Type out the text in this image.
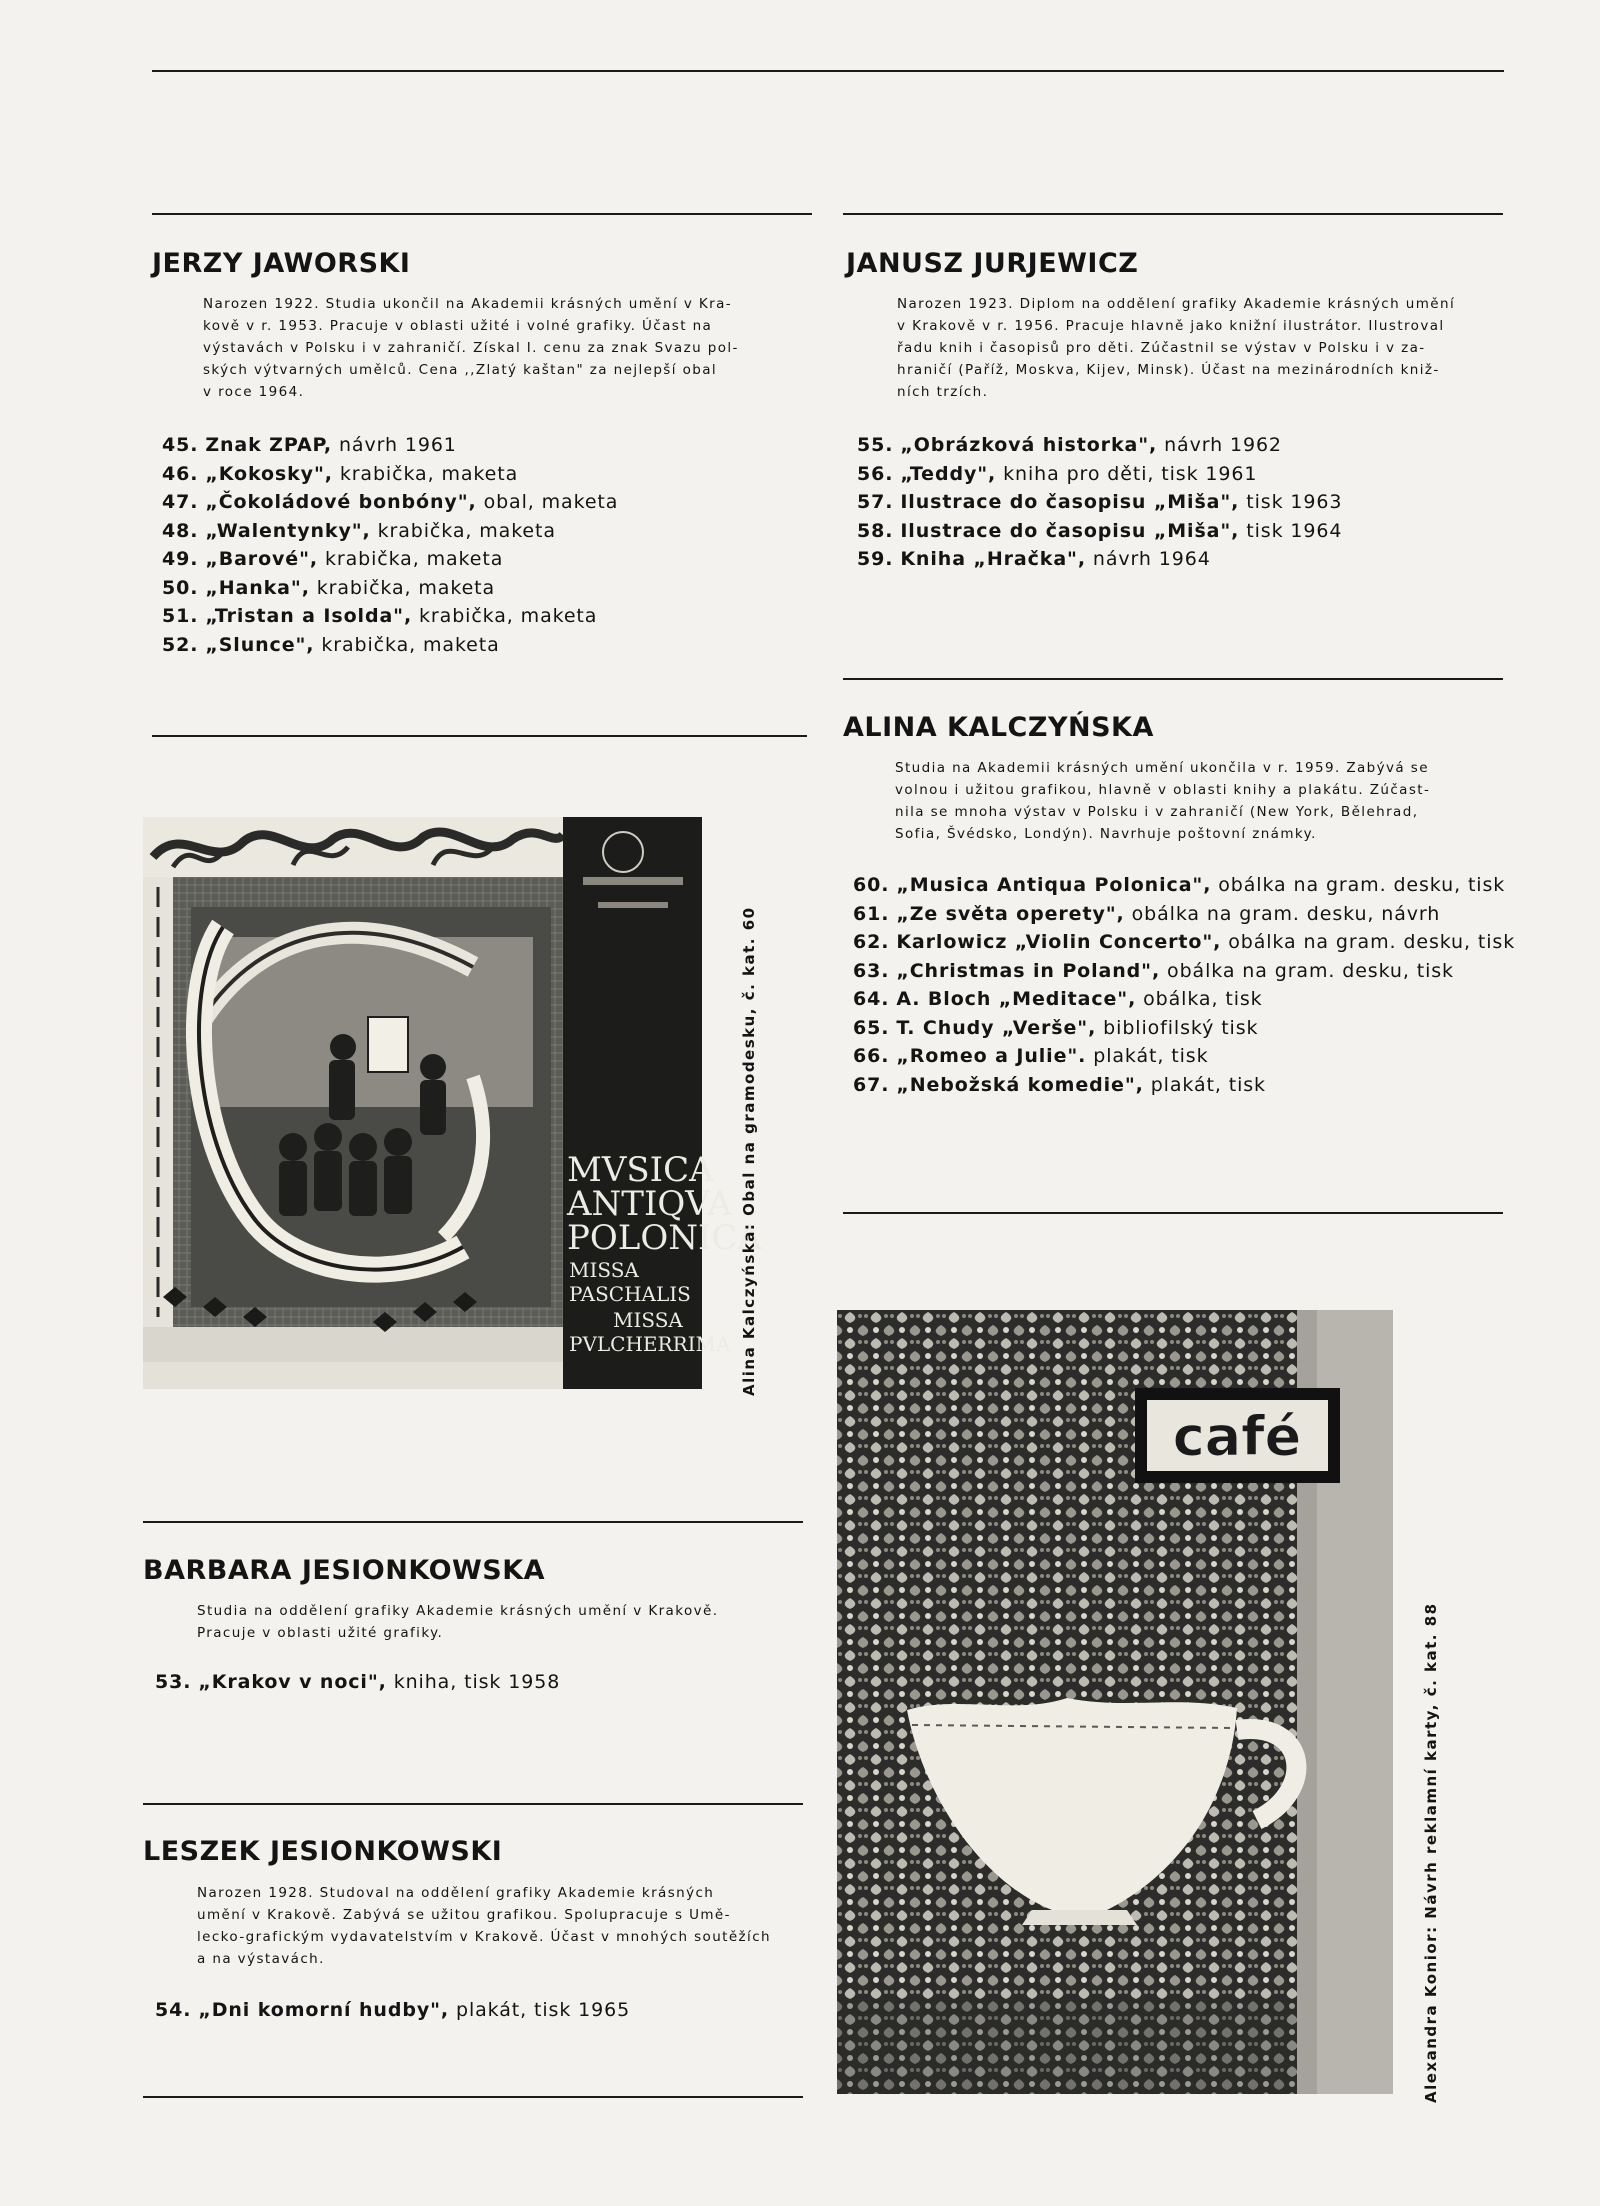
JERZY JAWORSKI
Narozen 1922. Studia ukončil na Akademii krásných umění v Kra-
kově v r. 1953. Pracuje v oblasti užité i volné grafiky. Účast na
výstavách v Polsku i v zahraničí. Získal I. cenu za znak Svazu pol-
ských výtvarných umělců. Cena ,,Zlatý kaštan" za nejlepší obal
v roce 1964.
45. Znak ZPAP, návrh 1961
46. „Kokosky", krabička, maketa
47. „Čokoládové bonbóny", obal, maketa
48. „Walentynky", krabička, maketa
49. „Barové", krabička, maketa
50. „Hanka", krabička, maketa
51. „Tristan a Isolda", krabička, maketa
52. „Slunce", krabička, maketa
JANUSZ JURJEWICZ
Narozen 1923. Diplom na oddělení grafiky Akademie krásných umění
v Krakově v r. 1956. Pracuje hlavně jako knižní ilustrátor. Ilustroval
řadu knih i časopisů pro děti. Zúčastnil se výstav v Polsku i v za-
hraničí (Paříž, Moskva, Kijev, Minsk). Účast na mezinárodních kniž-
ních trzích.
55. „Obrázková historka", návrh 1962
56. „Teddy", kniha pro děti, tisk 1961
57. Ilustrace do časopisu „Miša", tisk 1963
58. Ilustrace do časopisu „Miša", tisk 1964
59. Kniha „Hračka", návrh 1964
ALINA KALCZYŃSKA
Studia na Akademii krásných umění ukončila v r. 1959. Zabývá se
volnou i užitou grafikou, hlavně v oblasti knihy a plakátu. Zúčast-
nila se mnoha výstav v Polsku i v zahraničí (New York, Bělehrad,
Sofia, Švédsko, Londýn). Navrhuje poštovní známky.
60. „Musica Antiqua Polonica", obálka na gram. desku, tisk
61. „Ze světa operety", obálka na gram. desku, návrh
62. Karlowicz „Violin Concerto", obálka na gram. desku, tisk
63. „Christmas in Poland", obálka na gram. desku, tisk
64. A. Bloch „Meditace", obálka, tisk
65. T. Chudy „Verše", bibliofilský tisk
66. „Romeo a Julie". plakát, tisk
67. „Nebožská komedie", plakát, tisk
MVSICA
ANTIQVA
POLONICA
MISSA
PASCHALIS
MISSA
PVLCHERRIMA Alina Kalczyńska: Obal na gramodesku, č. kat. 60
BARBARA JESIONKOWSKA
Studia na oddělení grafiky Akademie krásných umění v Krakově.
Pracuje v oblasti užité grafiky.
53. „Krakov v noci", kniha, tisk 1958
LESZEK JESIONKOWSKI
Narozen 1928. Studoval na oddělení grafiky Akademie krásných
umění v Krakově. Zabývá se užitou grafikou. Spolupracuje s Umě-
lecko-grafickým vydavatelstvím v Krakově. Účast v mnohých soutěžích
a na výstavách.
54. „Dni komorní hudby", plakát, tisk 1965
café
Alexandra Konior: Návrh reklamní karty, č. kat. 88
